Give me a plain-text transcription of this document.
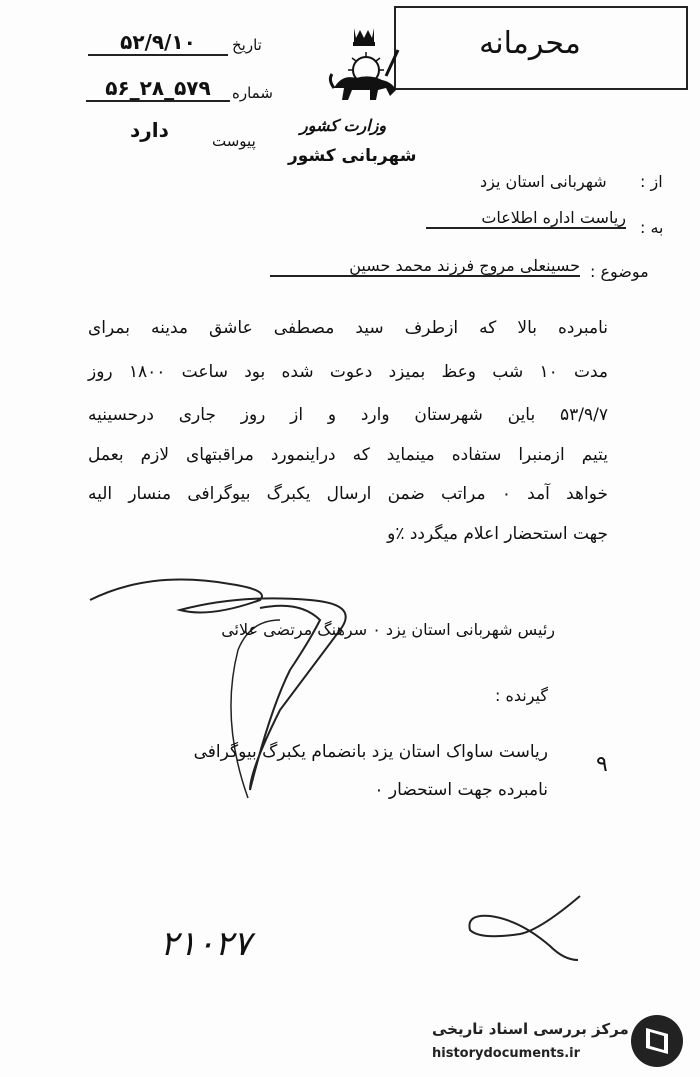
محرمانه
تاریخ
۵۲/۹/۱۰
شماره
۵۶_۲۸_۵۷۹
پیوست
دارد	وزارت کشور
شهربانی کشور
از :
شهربانی استان یزد
به :
ریاست اداره اطلاعات
موضوع :
حسینعلی مروج فرزند محمد حسین
نامبرده بالا که ازطرف سید مصطفی عاشق مدینه بمرای
مدت ۱۰ شب وعظ بمیزد دعوت شده بود ساعت ۱۸۰۰ روز
۵۳/۹/۷ باین شهرستان وارد و از روز جاری درحسینیه
یتیم ازمنبرا ستفاده مینماید که دراینمورد مراقبتهای لازم بعمل
خواهد آمد ۰ مراتب ضمن ارسال یکبرگ بیوگرافی منسار الیه
جهت استحضار اعلام میگردد ٪و
رئیس شهربانی استان یزد ۰ سرهنگ مرتضی علائی
گیرنده :
ریاست ساواک استان یزد بانضمام یکبرگ بیوگرافی
نامبرده جهت استحضار ۰
۹
۲۱۰۲۷
مرکز بررسی اسناد تاریخی
historydocuments.ir
